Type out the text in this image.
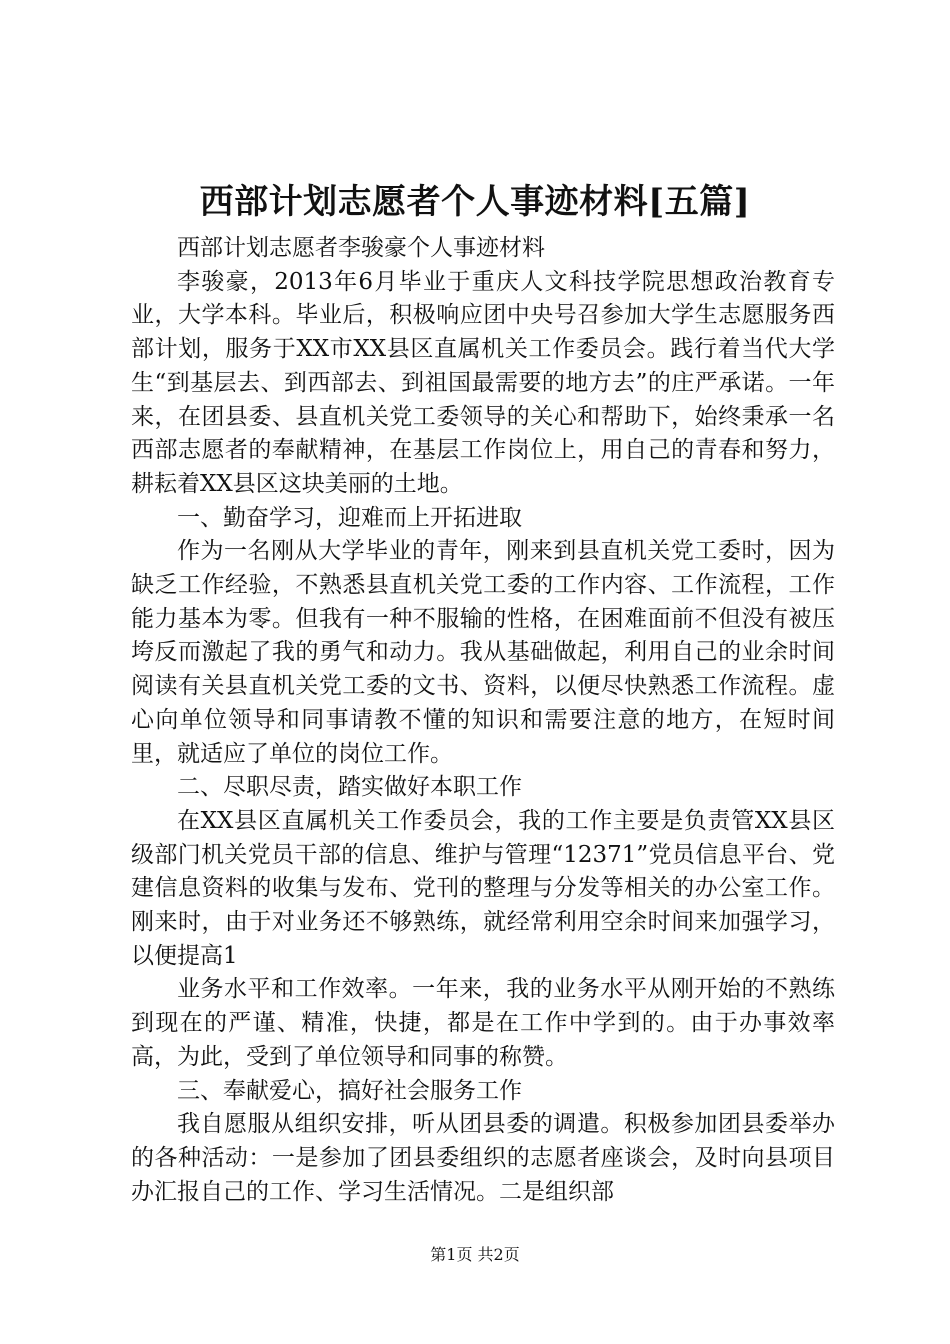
西部计划志愿者个人事迹材料[五篇]

西部计划志愿者李骏豪个人事迹材料

李骏豪，2013年6月毕业于重庆人文科技学院思想政治教育专业，大学本科。毕业后，积极响应团中央号召参加大学生志愿服务西部计划，服务于XX市XX县区直属机关工作委员会。践行着当代大学生“到基层去、到西部去、到祖国最需要的地方去”的庄严承诺。一年来，在团县委、县直机关党工委领导的关心和帮助下，始终秉承一名西部志愿者的奉献精神，在基层工作岗位上，用自己的青春和努力，耕耘着XX县区这块美丽的土地。

一、勤奋学习，迎难而上开拓进取

作为一名刚从大学毕业的青年，刚来到县直机关党工委时，因为缺乏工作经验，不熟悉县直机关党工委的工作内容、工作流程，工作能力基本为零。但我有一种不服输的性格，在困难面前不但没有被压垮反而激起了我的勇气和动力。我从基础做起，利用自己的业余时间阅读有关县直机关党工委的文书、资料，以便尽快熟悉工作流程。虚心向单位领导和同事请教不懂的知识和需要注意的地方，在短时间里，就适应了单位的岗位工作。

二、尽职尽责，踏实做好本职工作

在XX县区直属机关工作委员会，我的工作主要是负责管XX县区级部门机关党员干部的信息、维护与管理“12371”党员信息平台、党建信息资料的收集与发布、党刊的整理与分发等相关的办公室工作。刚来时，由于对业务还不够熟练，就经常利用空余时间来加强学习，以便提高1

业务水平和工作效率。一年来，我的业务水平从刚开始的不熟练到现在的严谨、精准，快捷，都是在工作中学到的。由于办事效率高，为此，受到了单位领导和同事的称赞。

三、奉献爱心，搞好社会服务工作

我自愿服从组织安排，听从团县委的调遣。积极参加团县委举办的各种活动：一是参加了团县委组织的志愿者座谈会，及时向县项目办汇报自己的工作、学习生活情况。二是组织部

第1页 共2页
